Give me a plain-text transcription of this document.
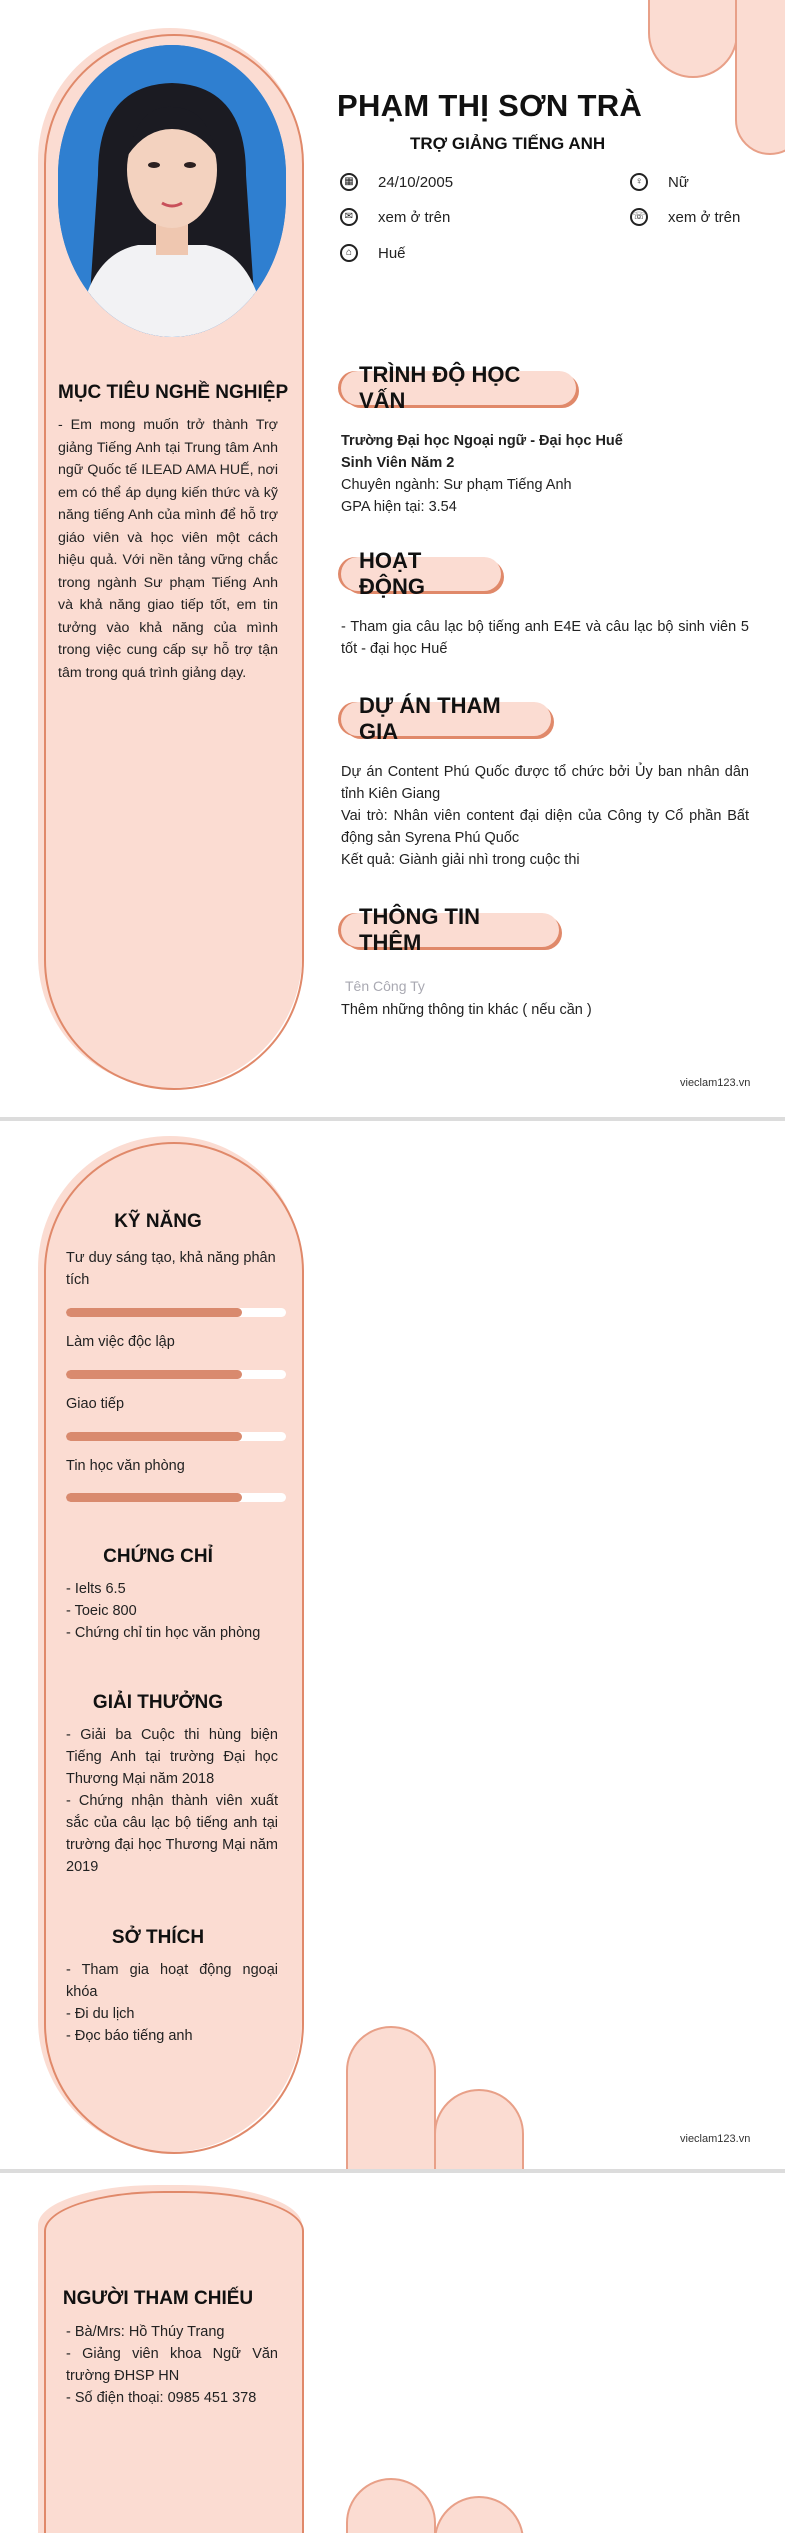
PHẠM THỊ SƠN TRÀ
TRỢ GIẢNG TIẾNG ANH
▦ 24/10/2005	♀	Nữ
✉	xem ở trên	☏ xem ở trên
⌂	Huế
MỤC TIÊU NGHỀ NGHIỆP
- Em mong muốn trở thành Trợ giảng Tiếng Anh tại Trung tâm Anh ngữ Quốc tế ILEAD AMA HUẾ, nơi em có thể áp dụng kiến thức và kỹ năng tiếng Anh của mình để hỗ trợ giáo viên và học viên một cách hiệu quả. Với nền tảng vững chắc trong ngành Sư phạm Tiếng Anh và khả năng giao tiếp tốt, em tin tưởng vào khả năng của mình trong việc cung cấp sự hỗ trợ tận tâm trong quá trình giảng dạy.
TRÌNH ĐỘ HỌC VẤN
Trường Đại học Ngoại ngữ - Đại học Huế
Sinh Viên Năm 2
Chuyên ngành: Sư phạm Tiếng Anh
GPA hiện tại: 3.54
HOẠT ĐỘNG
- Tham gia câu lạc bộ tiếng anh E4E và câu lạc bộ sinh viên 5 tốt - đại học Huế
DỰ ÁN THAM GIA
Dự án Content Phú Quốc được tổ chức bởi Ủy ban nhân dân tỉnh Kiên Giang
Vai trò: Nhân viên content đại diện của Công ty Cổ phần Bất động sản Syrena Phú Quốc
Kết quả: Giành giải nhì trong cuộc thi
THÔNG TIN THÊM
Tên Công Ty
Thêm những thông tin khác ( nếu cần )
vieclam123.vn
KỸ NĂNG
Tư duy sáng tạo, khả năng phân tích
Làm việc độc lập
Giao tiếp
Tin học văn phòng
CHỨNG CHỈ
- Ielts 6.5
- Toeic 800
- Chứng chỉ tin học văn phòng
GIẢI THƯỞNG
- Giải ba Cuộc thi hùng biện Tiếng Anh tại trường Đại học Thương Mại năm 2018
- Chứng nhận thành viên xuất sắc của câu lạc bộ tiếng anh tại trường đại học Thương Mại năm 2019
SỞ THÍCH
- Tham gia hoạt động ngoại khóa
- Đi du lịch
- Đọc báo tiếng anh
vieclam123.vn
NGƯỜI THAM CHIẾU
- Bà/Mrs: Hồ Thúy Trang
- Giảng viên khoa Ngữ Văn trường ĐHSP HN
- Số điện thoại: 0985 451 378
